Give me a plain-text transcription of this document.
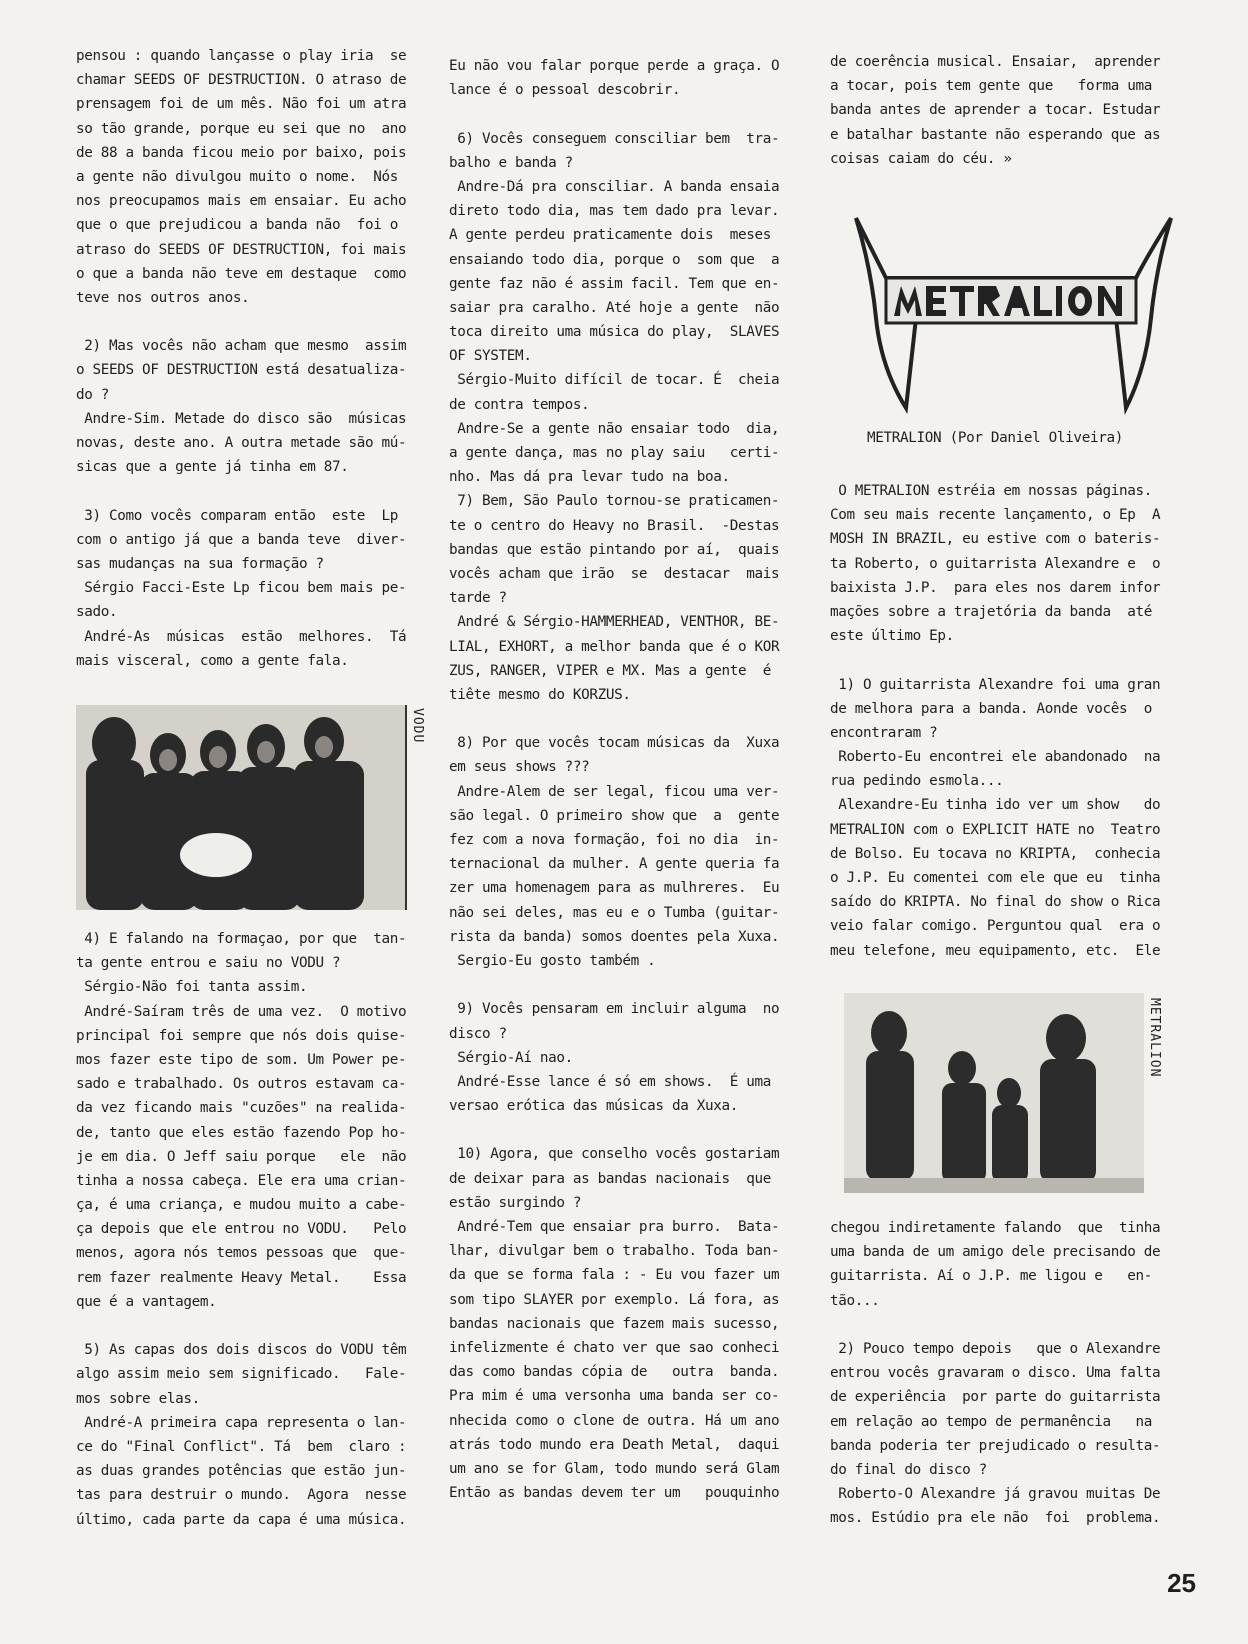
pensou : quando lançasse o play iria  se
chamar SEEDS OF DESTRUCTION. O atraso de
prensagem foi de um mês. Não foi um atra
so tão grande, porque eu sei que no  ano
de 88 a banda ficou meio por baixo, pois
a gente não divulgou muito o nome.  Nós
nos preocupamos mais em ensaiar. Eu acho
que o que prejudicou a banda não  foi o
atraso do SEEDS OF DESTRUCTION, foi mais
o que a banda não teve em destaque  como
teve nos outros anos.
2) Mas vocês não acham que mesmo  assim
o SEEDS OF DESTRUCTION está desatualiza-
do ?
Andre-Sim. Metade do disco são  músicas
novas, deste ano. A outra metade são mú-
sicas que a gente já tinha em 87.
3) Como vocês comparam então  este  Lp
com o antigo já que a banda teve  diver-
sas mudanças na sua formação ?
Sérgio Facci-Este Lp ficou bem mais pe-
sado.
André-As  músicas  estão  melhores.  Tá
mais visceral, como a gente fala.
VODU
4) E falando na formaçao, por que  tan-
ta gente entrou e saiu no VODU ?
Sérgio-Não foi tanta assim.
André-Saíram três de uma vez.  O motivo
principal foi sempre que nós dois quise-
mos fazer este tipo de som. Um Power pe-
sado e trabalhado. Os outros estavam ca-
da vez ficando mais "cuzões" na realida-
de, tanto que eles estão fazendo Pop ho-
je em dia. O Jeff saiu porque   ele  não
tinha a nossa cabeça. Ele era uma crian-
ça, é uma criança, e mudou muito a cabe-
ça depois que ele entrou no VODU.   Pelo
menos, agora nós temos pessoas que  que-
rem fazer realmente Heavy Metal.    Essa
que é a vantagem.
5) As capas dos dois discos do VODU têm
algo assim meio sem significado.   Fale-
mos sobre elas.
André-A primeira capa representa o lan-
ce do "Final Conflict". Tá  bem  claro :
as duas grandes potências que estão jun-
tas para destruir o mundo.  Agora  nesse
último, cada parte da capa é uma música.
Eu não vou falar porque perde a graça. O
lance é o pessoal descobrir.
6) Vocês conseguem consciliar bem  tra-
balho e banda ?
Andre-Dá pra consciliar. A banda ensaia
direto todo dia, mas tem dado pra levar.
A gente perdeu praticamente dois  meses
ensaiando todo dia, porque o  som que  a
gente faz não é assim facil. Tem que en-
saiar pra caralho. Até hoje a gente  não
toca direito uma música do play,  SLAVES
OF SYSTEM.
Sérgio-Muito difícil de tocar. É  cheia
de contra tempos.
Andre-Se a gente não ensaiar todo  dia,
a gente dança, mas no play saiu   certi-
nho. Mas dá pra levar tudo na boa.
7) Bem, São Paulo tornou-se praticamen-
te o centro do Heavy no Brasil.  -Destas
bandas que estão pintando por aí,  quais
vocês acham que irão  se  destacar  mais
tarde ?
André & Sérgio-HAMMERHEAD, VENTHOR, BE-
LIAL, EXHORT, a melhor banda que é o KOR
ZUS, RANGER, VIPER e MX. Mas a gente  é
tiête mesmo do KORZUS.
8) Por que vocês tocam músicas da  Xuxa
em seus shows ???
Andre-Alem de ser legal, ficou uma ver-
são legal. O primeiro show que  a  gente
fez com a nova formação, foi no dia  in-
ternacional da mulher. A gente queria fa
zer uma homenagem para as mulhreres.  Eu
não sei deles, mas eu e o Tumba (guitar-
rista da banda) somos doentes pela Xuxa.
Sergio-Eu gosto também .
9) Vocês pensaram em incluir alguma  no
disco ?
Sérgio-Aí nao.
André-Esse lance é só em shows.  É uma
versao erótica das músicas da Xuxa.
10) Agora, que conselho vocês gostariam
de deixar para as bandas nacionais  que
estão surgindo ?
André-Tem que ensaiar pra burro.  Bata-
lhar, divulgar bem o trabalho. Toda ban-
da que se forma fala : - Eu vou fazer um
som tipo SLAYER por exemplo. Lá fora, as
bandas nacionais que fazem mais sucesso,
infelizmente é chato ver que sao conheci
das como bandas cópia de   outra  banda.
Pra mim é uma versonha uma banda ser co-
nhecida como o clone de outra. Há um ano
atrás todo mundo era Death Metal,  daqui
um ano se for Glam, todo mundo será Glam
Então as bandas devem ter um   pouquinho
de coerência musical. Ensaiar,  aprender
a tocar, pois tem gente que   forma uma
banda antes de aprender a tocar. Estudar
e batalhar bastante não esperando que as
coisas caiam do céu. »
METRALION (Por Daniel Oliveira)
O METRALION estréia em nossas páginas.
Com seu mais recente lançamento, o Ep  A
MOSH IN BRAZIL, eu estive com o bateris-
ta Roberto, o guitarrista Alexandre e  o
baixista J.P.  para eles nos darem infor
mações sobre a trajetória da banda  até
este último Ep.
1) O guitarrista Alexandre foi uma gran
de melhora para a banda. Aonde vocês  o
encontraram ?
Roberto-Eu encontrei ele abandonado  na
rua pedindo esmola...
Alexandre-Eu tinha ido ver um show   do
METRALION com o EXPLICIT HATE no  Teatro
de Bolso. Eu tocava no KRIPTA,  conhecia
o J.P. Eu comentei com ele que eu  tinha
saído do KRIPTA. No final do show o Rica
veio falar comigo. Perguntou qual  era o
meu telefone, meu equipamento, etc.  Ele
METRALION
chegou indiretamente falando  que  tinha
uma banda de um amigo dele precisando de
guitarrista. Aí o J.P. me ligou e   en-
tão...
2) Pouco tempo depois   que o Alexandre
entrou vocês gravaram o disco. Uma falta
de experiência  por parte do guitarrista
em relação ao tempo de permanência   na
banda poderia ter prejudicado o resulta-
do final do disco ?
Roberto-O Alexandre já gravou muitas De
mos. Estúdio pra ele não  foi  problema.
25
